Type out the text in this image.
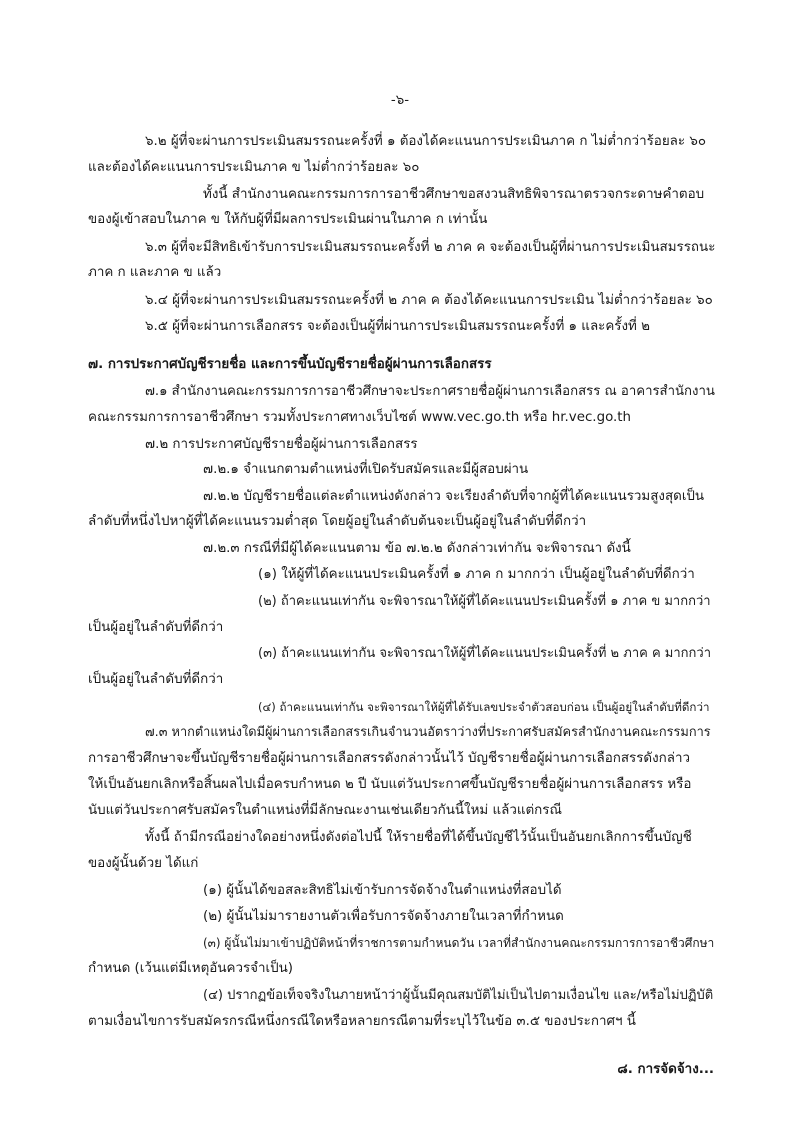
-๖-
๖.๒ ผู้ที่จะผ่านการประเมินสมรรถนะครั้งที่ ๑ ต้องได้คะแนนการประเมินภาค ก ไม่ต่ำกว่าร้อยละ ๖๐
และต้องได้คะแนนการประเมินภาค ข ไม่ต่ำกว่าร้อยละ ๖๐
ทั้งนี้ สำนักงานคณะกรรมการการอาชีวศึกษาขอสงวนสิทธิพิจารณาตรวจกระดาษคำตอบ
ของผู้เข้าสอบในภาค ข ให้กับผู้ที่มีผลการประเมินผ่านในภาค ก เท่านั้น
๖.๓ ผู้ที่จะมีสิทธิเข้ารับการประเมินสมรรถนะครั้งที่ ๒ ภาค ค จะต้องเป็นผู้ที่ผ่านการประเมินสมรรถนะ
ภาค ก และภาค ข แล้ว
๖.๔ ผู้ที่จะผ่านการประเมินสมรรถนะครั้งที่ ๒ ภาค ค ต้องได้คะแนนการประเมิน ไม่ต่ำกว่าร้อยละ ๖๐
๖.๕ ผู้ที่จะผ่านการเลือกสรร จะต้องเป็นผู้ที่ผ่านการประเมินสมรรถนะครั้งที่ ๑ และครั้งที่ ๒
๗. การประกาศบัญชีรายชื่อ และการขึ้นบัญชีรายชื่อผู้ผ่านการเลือกสรร
๗.๑ สำนักงานคณะกรรมการการอาชีวศึกษาจะประกาศรายชื่อผู้ผ่านการเลือกสรร ณ อาคารสำนักงาน
คณะกรรมการการอาชีวศึกษา รวมทั้งประกาศทางเว็บไซต์ www.vec.go.th หรือ hr.vec.go.th
๗.๒ การประกาศบัญชีรายชื่อผู้ผ่านการเลือกสรร
๗.๒.๑ จำแนกตามตำแหน่งที่เปิดรับสมัครและมีผู้สอบผ่าน
๗.๒.๒ บัญชีรายชื่อแต่ละตำแหน่งดังกล่าว จะเรียงลำดับที่จากผู้ที่ได้คะแนนรวมสูงสุดเป็น
ลำดับที่หนึ่งไปหาผู้ที่ได้คะแนนรวมต่ำสุด โดยผู้อยู่ในลำดับต้นจะเป็นผู้อยู่ในลำดับที่ดีกว่า
๗.๒.๓ กรณีที่มีผู้ได้คะแนนตาม ข้อ ๗.๒.๒ ดังกล่าวเท่ากัน จะพิจารณา ดังนี้
(๑) ให้ผู้ที่ได้คะแนนประเมินครั้งที่ ๑ ภาค ก มากกว่า เป็นผู้อยู่ในลำดับที่ดีกว่า
(๒) ถ้าคะแนนเท่ากัน จะพิจารณาให้ผู้ที่ได้คะแนนประเมินครั้งที่ ๑ ภาค ข มากกว่า
เป็นผู้อยู่ในลำดับที่ดีกว่า
(๓) ถ้าคะแนนเท่ากัน จะพิจารณาให้ผู้ที่ได้คะแนนประเมินครั้งที่ ๒ ภาค ค มากกว่า
เป็นผู้อยู่ในลำดับที่ดีกว่า
(๔) ถ้าคะแนนเท่ากัน จะพิจารณาให้ผู้ที่ได้รับเลขประจำตัวสอบก่อน เป็นผู้อยู่ในลำดับที่ดีกว่า
๗.๓ หากตำแหน่งใดมีผู้ผ่านการเลือกสรรเกินจำนวนอัตราว่างที่ประกาศรับสมัครสำนักงานคณะกรรมการ
การอาชีวศึกษาจะขึ้นบัญชีรายชื่อผู้ผ่านการเลือกสรรดังกล่าวนั้นไว้ บัญชีรายชื่อผู้ผ่านการเลือกสรรดังกล่าว
ให้เป็นอันยกเลิกหรือสิ้นผลไปเมื่อครบกำหนด ๒ ปี นับแต่วันประกาศขึ้นบัญชีรายชื่อผู้ผ่านการเลือกสรร หรือ
นับแต่วันประกาศรับสมัครในตำแหน่งที่มีลักษณะงานเช่นเดียวกันนี้ใหม่ แล้วแต่กรณี
ทั้งนี้ ถ้ามีกรณีอย่างใดอย่างหนึ่งดังต่อไปนี้ ให้รายชื่อที่ได้ขึ้นบัญชีไว้นั้นเป็นอันยกเลิกการขึ้นบัญชี
ของผู้นั้นด้วย ได้แก่
(๑) ผู้นั้นได้ขอสละสิทธิไม่เข้ารับการจัดจ้างในตำแหน่งที่สอบได้
(๒) ผู้นั้นไม่มารายงานตัวเพื่อรับการจัดจ้างภายในเวลาที่กำหนด
(๓) ผู้นั้นไม่มาเข้าปฏิบัติหน้าที่ราชการตามกำหนดวัน เวลาที่สำนักงานคณะกรรมการการอาชีวศึกษา
กำหนด (เว้นแต่มีเหตุอันควรจำเป็น)
(๔) ปรากฏข้อเท็จจริงในภายหน้าว่าผู้นั้นมีคุณสมบัติไม่เป็นไปตามเงื่อนไข และ/หรือไม่ปฏิบัติ
ตามเงื่อนไขการรับสมัครกรณีหนึ่งกรณีใดหรือหลายกรณีตามที่ระบุไว้ในข้อ ๓.๕ ของประกาศฯ นี้
๘. การจัดจ้าง...
